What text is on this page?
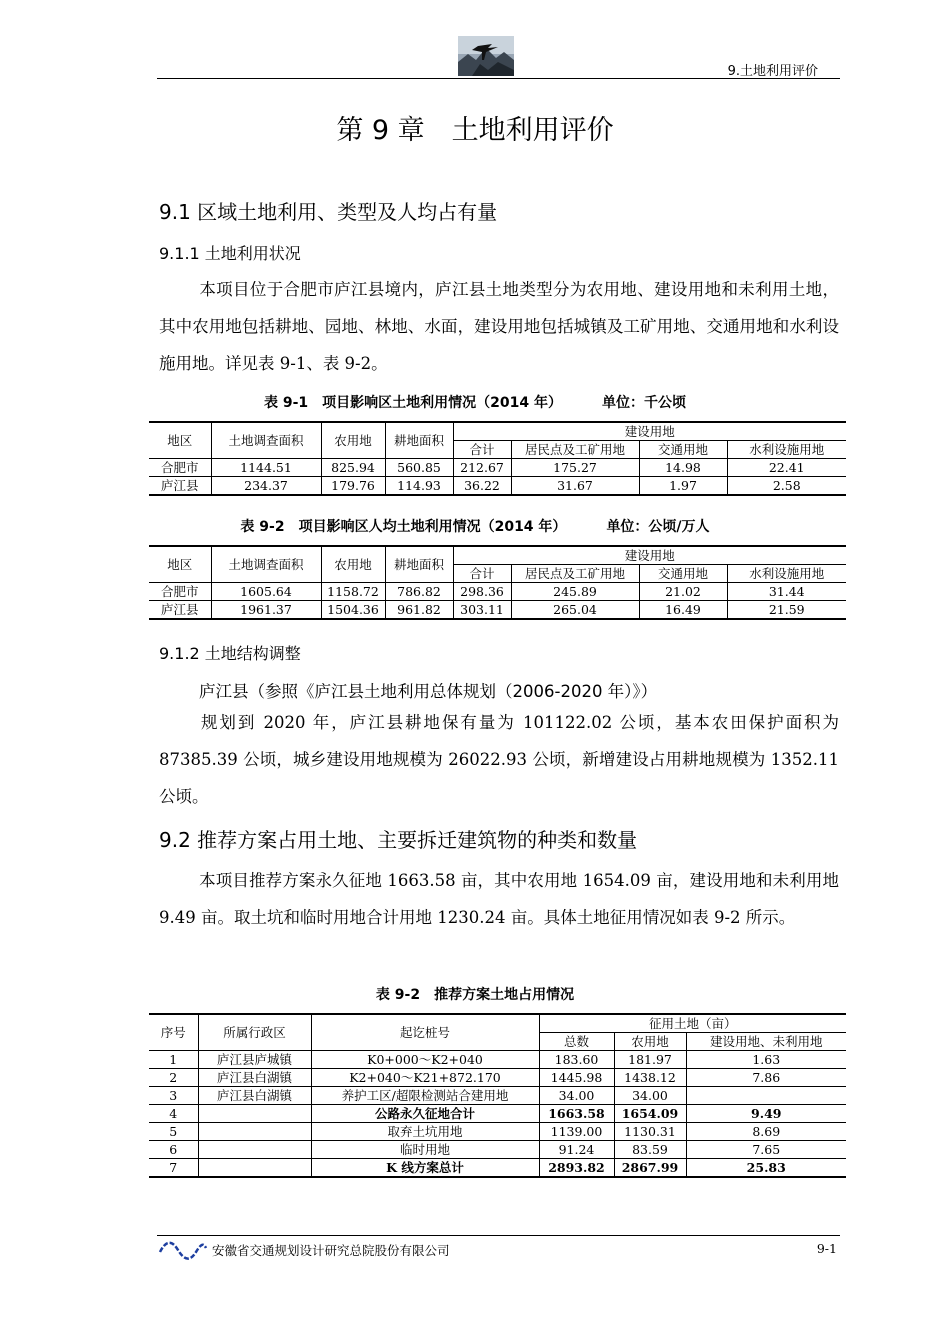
9.土地利用评价
第 9 章　土地利用评价
9.1 区域土地利用、类型及人均占有量
9.1.1 土地利用状况
本项目位于合肥市庐江县境内，庐江县土地类型分为农用地、建设用地和未利用土地，其中农用地包括耕地、园地、林地、水面，建设用地包括城镇及工矿用地、交通用地和水利设施用地。详见表 9-1、表 9-2。
表 9-1　项目影响区土地利用情况（2014 年）	单位：千公顷
地区	土地调查面积	农用地	耕地面积	建设用地			
				合计	居民点及工矿用地	交通用地	水利设施用地
合肥市	1144.51	825.94	560.85	212.67	175.27	14.98	22.41
庐江县	234.37	179.76	114.93	36.22	31.67	1.97	2.58
表 9-2　项目影响区人均土地利用情况（2014 年）	单位：公顷/万人
地区	土地调查面积	农用地	耕地面积	建设用地			
				合计	居民点及工矿用地	交通用地	水利设施用地
合肥市	1605.64	1158.72	786.82	298.36	245.89	21.02	31.44
庐江县	1961.37	1504.36	961.82	303.11	265.04	16.49	21.59
9.1.2 土地结构调整
庐江县（参照《庐江县土地利用总体规划（2006-2020 年）》）
规划到 2020 年，庐江县耕地保有量为 101122.02 公顷，基本农田保护面积为 87385.39 公顷，城乡建设用地规模为 26022.93 公顷，新增建设占用耕地规模为 1352.11 公顷。
9.2 推荐方案占用土地、主要拆迁建筑物的种类和数量
本项目推荐方案永久征地 1663.58 亩，其中农用地 1654.09 亩，建设用地和未利用地 9.49 亩。取土坑和临时用地合计用地 1230.24 亩。具体土地征用情况如表 9-2 所示。
表 9-2　推荐方案土地占用情况
序号	所属行政区	起讫桩号	征用土地（亩）		
			总数	农用地	建设用地、未利用地
1	庐江县庐城镇	K0+000～K2+040	183.60	181.97	1.63
2	庐江县白湖镇	K2+040～K21+872.170	1445.98	1438.12	7.86
3	庐江县白湖镇	养护工区/超限检测站合建用地	34.00	34.00	
4		公路永久征地合计	1663.58	1654.09	9.49
5		取弃土坑用地	1139.00	1130.31	8.69
6		临时用地	91.24	83.59	7.65
7		K 线方案总计	2893.82	2867.99	25.83
安徽省交通规划设计研究总院股份有限公司	9-1
